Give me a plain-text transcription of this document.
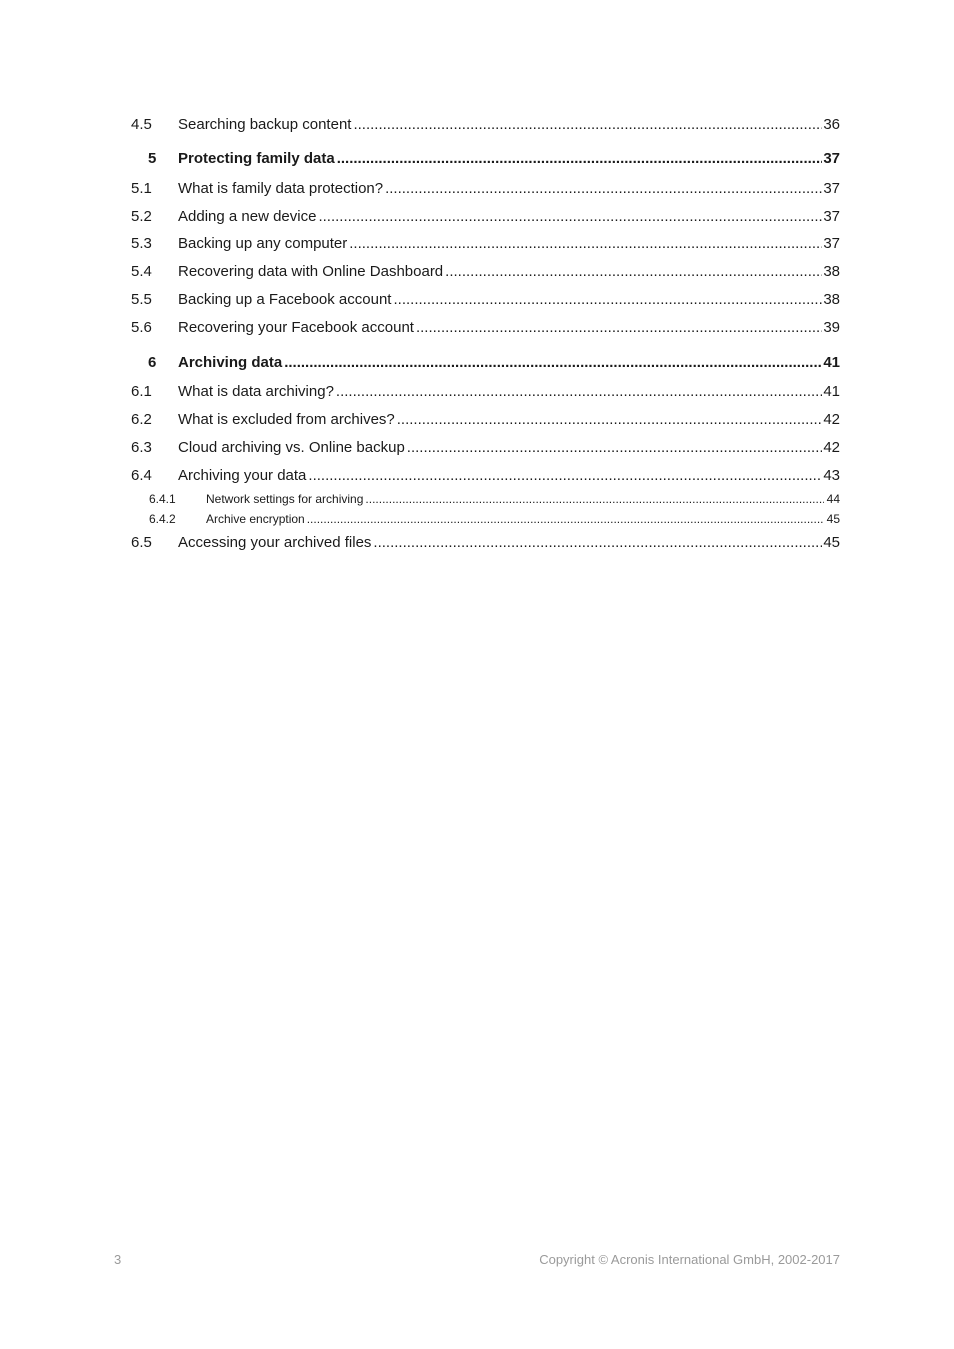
4.5	Searching backup content .....	36
5	Protecting family data .....	37
5.1	What is family data protection? .....	37
5.2	Adding a new device .....	37
5.3	Backing up any computer .....	37
5.4	Recovering data with Online Dashboard .....	38
5.5	Backing up a Facebook account .....	38
5.6	Recovering your Facebook account .....	39
6	Archiving data .....	41
6.1	What is data archiving? .....	41
6.2	What is excluded from archives? .....	42
6.3	Cloud archiving vs. Online backup .....	42
6.4	Archiving your data .....	43
6.4.1	Network settings for archiving .....	44
6.4.2	Archive encryption .....	45
6.5	Accessing your archived files .....	45
3	Copyright © Acronis International GmbH, 2002-2017
